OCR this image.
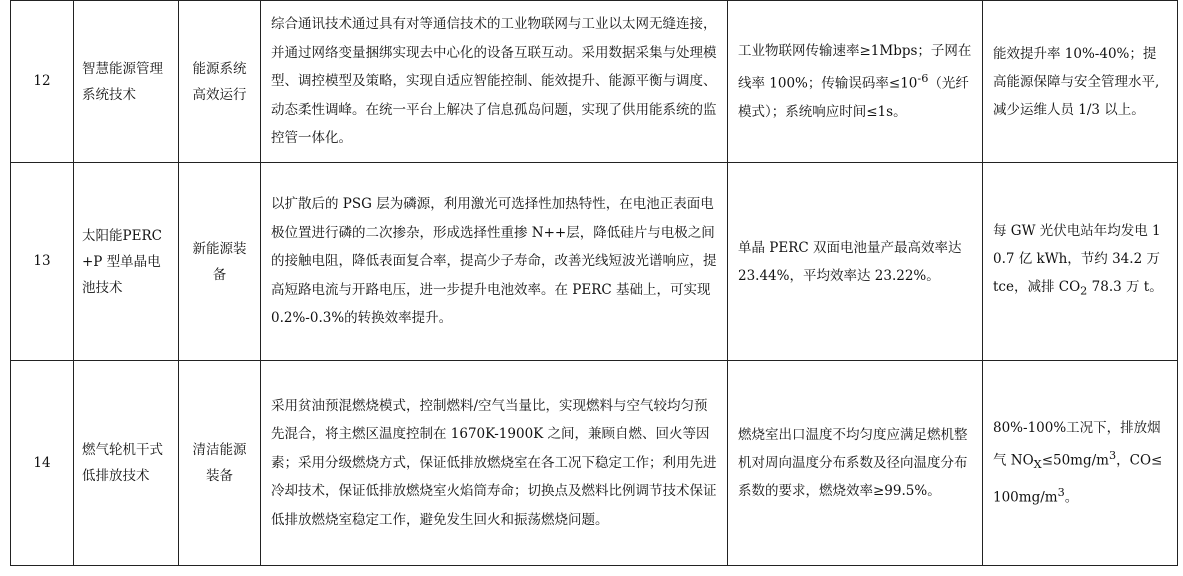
12	智慧能源管理系统技术	能源系统高效运行	综合通讯技术通过具有对等通信技术的工业物联网与工业以太网无缝连接，并通过网络变量捆绑实现去中心化的设备互联互动。采用数据采集与处理模型、调控模型及策略，实现自适应智能控制、能效提升、能源平衡与调度、动态柔性调峰。在统一平台上解决了信息孤岛问题，实现了供用能系统的监控管一体化。	工业物联网传输速率≥1Mbps；子网在线率 100%；传输误码率$\le 10^{-6}$（光纤模式）；系统响应时间≤1s。	能效提升率 10%-40%；提高能源保障与安全管理水平,减少运维人员 1/3 以上。
13	太阳能PERC+P 型单晶电池技术	新能源装备	以扩散后的 PSG 层为磷源，利用激光可选择性加热特性，在电池正表面电极位置进行磷的二次掺杂，形成选择性重掺 N++层，降低硅片与电极之间的接触电阻，降低表面复合率，提高少子寿命，改善光线短波光谱响应，提高短路电流与开路电压，进一步提升电池效率。在 PERC 基础上，可实现 0.2%-0.3%的转换效率提升。	单晶 PERC 双面电池量产最高效率达 23.44%，平均效率达 23.22%。	每 GW 光伏电站年均发电 10.7 亿 kWh，节约 34.2 万 tce，减排 $CO_2$ 78.3 万 t。
14	燃气轮机干式低排放技术	清洁能源装备	采用贫油预混燃烧模式，控制燃料/空气当量比，实现燃料与空气较均匀预先混合，将主燃区温度控制在 1670K-1900K 之间，兼顾自燃、回火等因素；采用分级燃烧方式，保证低排放燃烧室在各工况下稳定工作；利用先进冷却技术，保证低排放燃烧室火焰筒寿命；切换点及燃料比例调节技术保证低排放燃烧室稳定工作，避免发生回火和振荡燃烧问题。	燃烧室出口温度不均匀度应满足燃机整机对周向温度分布系数及径向温度分布系数的要求，燃烧效率≥99.5%。	80%-100%工况下，排放烟气 $NO_X\le 50mg/m^3$，$CO\le 100mg/m^3$。
